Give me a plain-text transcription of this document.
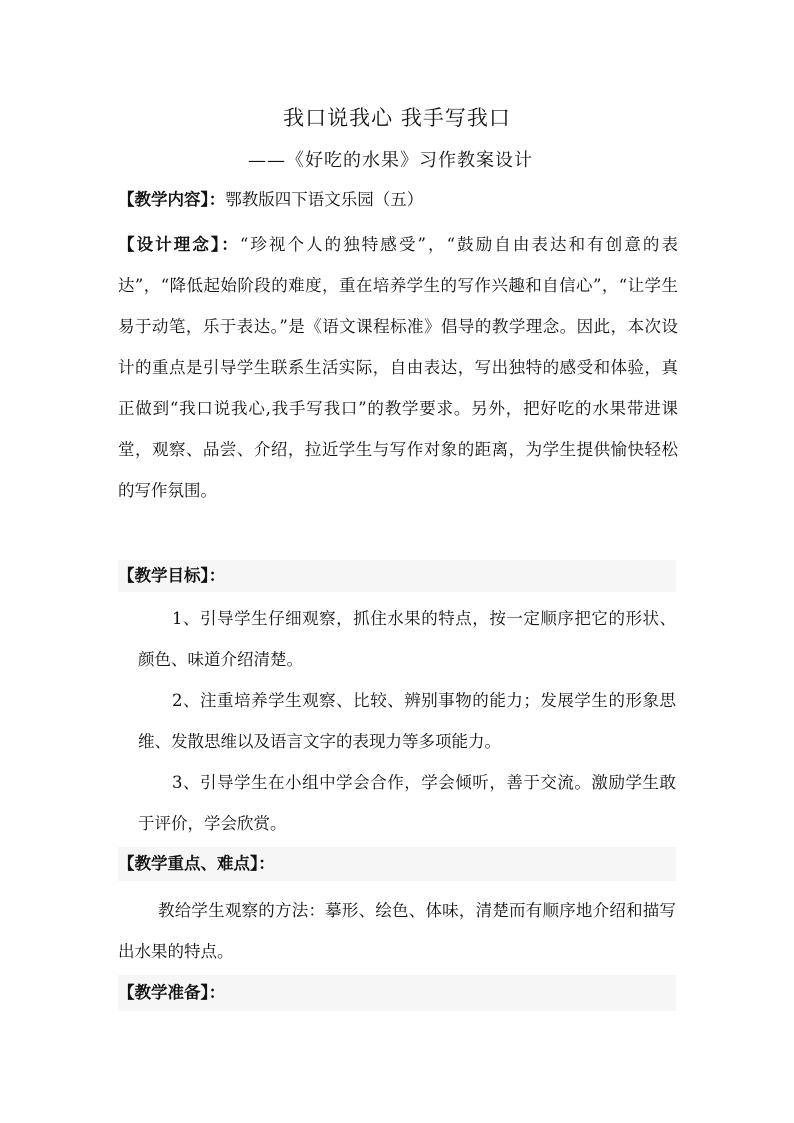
我口说我心 我手写我口
——《好吃的水果》习作教案设计
【教学内容】：鄂教版四下语文乐园（五）
【设计理念】：“珍视个人的独特感受”，“鼓励自由表达和有创意的表达”，“降低起始阶段的难度，重在培养学生的写作兴趣和自信心”，“让学生易于动笔，乐于表达。”是《语文课程标准》倡导的教学理念。因此，本次设计的重点是引导学生联系生活实际，自由表达，写出独特的感受和体验，真正做到“我口说我心,我手写我口”的教学要求。另外，把好吃的水果带进课堂，观察、品尝、介绍，拉近学生与写作对象的距离，为学生提供愉快轻松的写作氛围。
【教学目标】：
1、引导学生仔细观察，抓住水果的特点，按一定顺序把它的形状、颜色、味道介绍清楚。
2、注重培养学生观察、比较、辨别事物的能力；发展学生的形象思维、发散思维以及语言文字的表现力等多项能力。
3、引导学生在小组中学会合作，学会倾听，善于交流。激励学生敢于评价，学会欣赏。
【教学重点、难点】：
教给学生观察的方法：摹形、绘色、体味，清楚而有顺序地介绍和描写出水果的特点。
【教学准备】：
